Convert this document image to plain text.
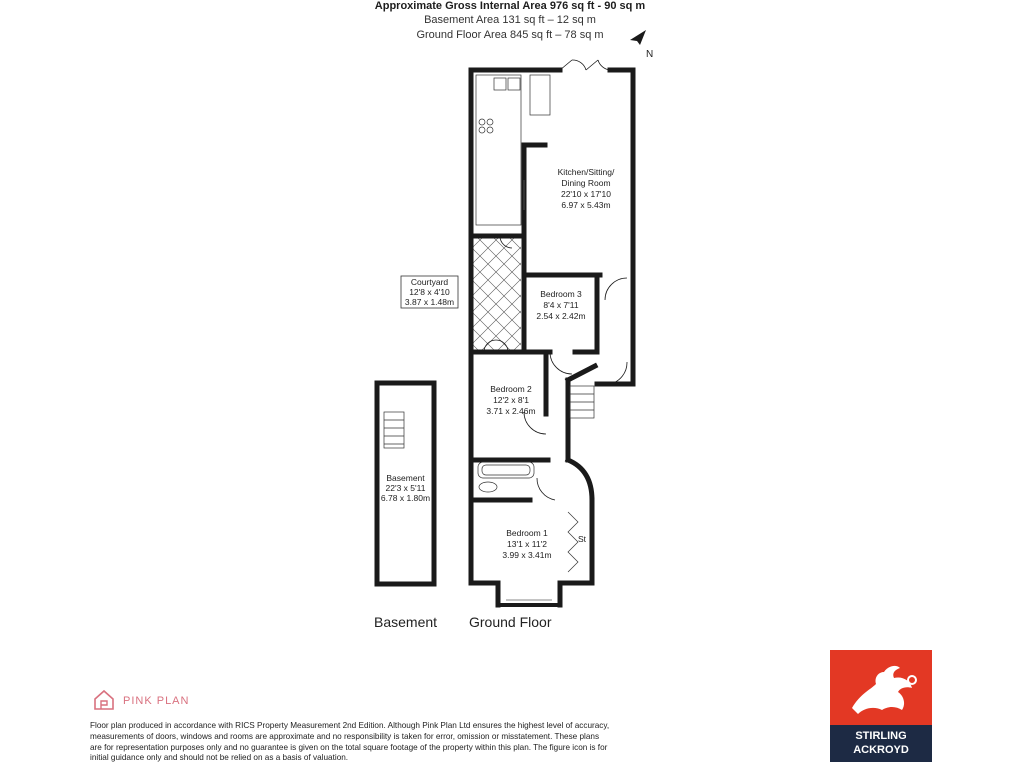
Approximate Gross Internal Area 976 sq ft - 90 sq m
Basement Area 131 sq ft – 12 sq m
Ground Floor Area 845 sq ft – 78 sq m
N
Kitchen/Sitting/
Dining Room
22'10 x 17'10
6.97 x 5.43m
Bedroom 3
8'4 x 7'11
2.54 x 2.42m
Bedroom 2
12'2 x 8'1
3.71 x 2.46m
Bedroom 1
13'1 x 11'2
3.99 x 3.41m
St
Courtyard
12'8 x 4'10
3.87 x 1.48m
Basement
22'3 x 5'11
6.78 x 1.80m
Basement Ground Floor
PINK PLAN
Floor plan produced in accordance with RICS Property Measurement 2nd Edition. Although Pink Plan Ltd ensures the highest level of accuracy, measurements of doors, windows and rooms are approximate and no responsibility is taken for error, omission or misstatement. These plans are for representation purposes only and no guarantee is given on the total square footage of the property within this plan. The figure icon is for initial guidance only and should not be relied on as a basis of valuation.
STIRLING
ACKROYD
